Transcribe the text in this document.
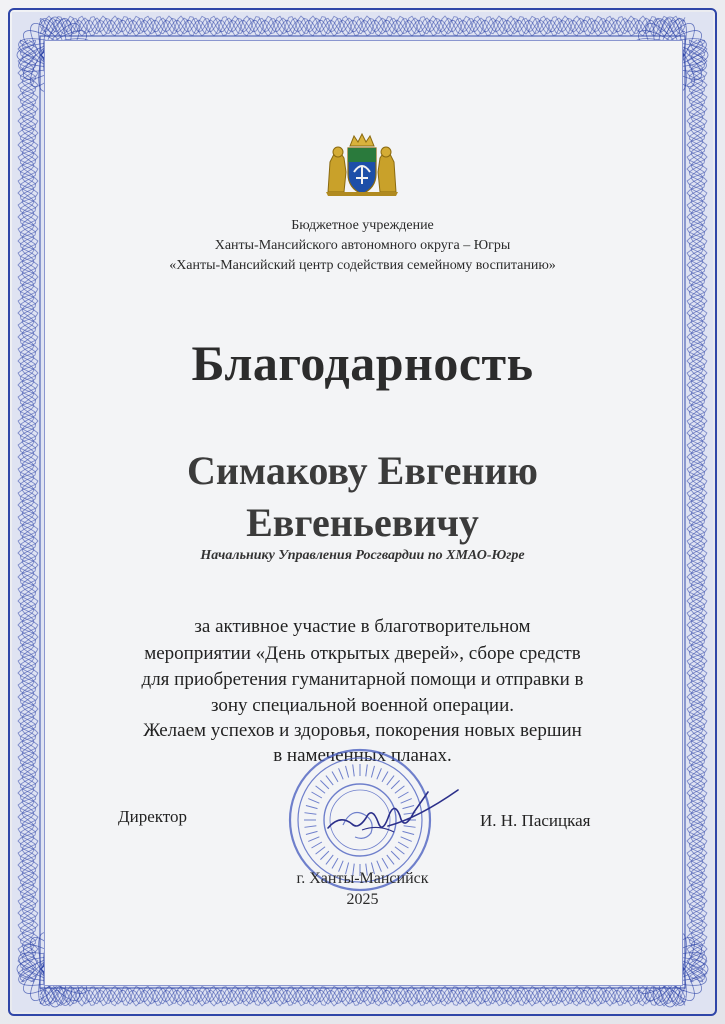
Бюджетное учреждение
Ханты-Мансийского автономного округа – Югры
«Ханты-Мансийский центр содействия семейному воспитанию»
Благодарность
Симакову Евгению
Евгеньевичу
Начальнику Управления Росгвардии по ХМАО-Югре
за активное участие в благотворительном
мероприятии «День открытых дверей», сборе средств
для приобретения гуманитарной помощи и отправки в
зону специальной военной операции.
Желаем успехов и здоровья, покорения новых вершин
в намеченных планах.
Директор	И. Н. Пасицкая
г. Ханты-Мансийск
2025
